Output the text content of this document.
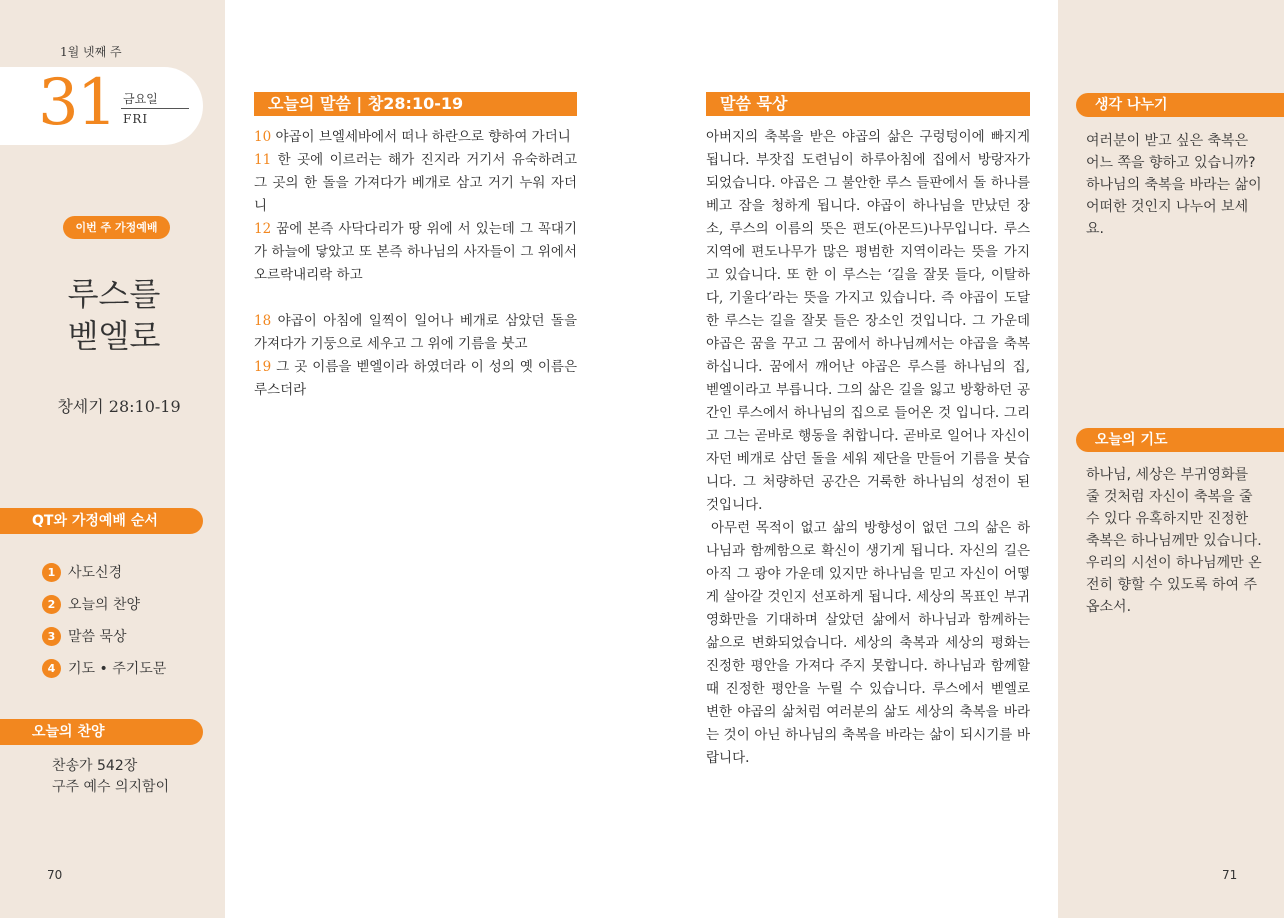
1월 넷째 주
31 금요일
FRI
이번 주 가정예배
루스를
벧엘로
창세기 28:10-19
QT와 가정예배 순서
1 사도신경
2 오늘의 찬양
3 말씀 묵상
4 기도 • 주기도문
오늘의 찬양
찬송가 542장
구주 예수 의지함이
70
오늘의 말씀 | 창28:10-19
10 야곱이 브엘세바에서 떠나 하란으로 향하여 가더니
11 한 곳에 이르러는 해가 진지라 거기서 유숙하려고 그 곳의 한 돌을 가져다가 베개로 삼고 거기 누워 자더니
12 꿈에 본즉 사닥다리가 땅 위에 서 있는데 그 꼭대기가 하늘에 닿았고 또 본즉 하나님의 사자들이 그 위에서 오르락내리락 하고
18 야곱이 아침에 일찍이 일어나 베개로 삼았던 돌을 가져다가 기둥으로 세우고 그 위에 기름을 붓고
19 그 곳 이름을 벧엘이라 하였더라 이 성의 옛 이름은 루스더라
말씀 묵상
아버지의 축복을 받은 야곱의 삶은 구렁텅이에 빠지게 됩니다. 부잣집 도련님이 하루아침에 집에서 방랑자가 되었습니다. 야곱은 그 불안한 루스 들판에서 돌 하나를 베고 잠을 청하게 됩니다. 야곱이 하나님을 만났던 장소, 루스의 이름의 뜻은 편도(아몬드)나무입니다. 루스 지역에 편도나무가 많은 평범한 지역이라는 뜻을 가지고 있습니다. 또 한 이 루스는 ‘길을 잘못 들다, 이탈하다, 기울다’라는 뜻을 가지고 있습니다. 즉 야곱이 도달한 루스는 길을 잘못 들은 장소인 것입니다. 그 가운데 야곱은 꿈을 꾸고 그 꿈에서 하나님께서는 야곱을 축복하십니다. 꿈에서 깨어난 야곱은 루스를 하나님의 집, 벧엘이라고 부릅니다. 그의 삶은 길을 잃고 방황하던 공간인 루스에서 하나님의 집으로 들어온 것 입니다. 그리고 그는 곧바로 행동을 취합니다. 곧바로 일어나 자신이 자던 베개로 삼던 돌을 세워 제단을 만들어 기름을 붓습니다. 그 처량하던 공간은 거룩한 하나님의 성전이 된 것입니다.
아무런 목적이 없고 삶의 방향성이 없던 그의 삶은 하나님과 함께함으로 확신이 생기게 됩니다. 자신의 길은 아직 그 광야 가운데 있지만 하나님을 믿고 자신이 어떻게 살아갈 것인지 선포하게 됩니다. 세상의 목표인 부귀영화만을 기대하며 살았던 삶에서 하나님과 함께하는 삶으로 변화되었습니다. 세상의 축복과 세상의 평화는 진정한 평안을 가져다 주지 못합니다. 하나님과 함께할 때 진정한 평안을 누릴 수 있습니다. 루스에서 벧엘로 변한 야곱의 삶처럼 여러분의 삶도 세상의 축복을 바라는 것이 아닌 하나님의 축복을 바라는 삶이 되시기를 바랍니다.
생각 나누기
여러분이 받고 싶은 축복은 어느 쪽을 향하고 있습니까? 하나님의 축복을 바라는 삶이 어떠한 것인지 나누어 보세요.
오늘의 기도
하나님, 세상은 부귀영화를 줄 것처럼 자신이 축복을 줄 수 있다 유혹하지만 진정한 축복은 하나님께만 있습니다. 우리의 시선이 하나님께만 온전히 향할 수 있도록 하여 주옵소서.
71
